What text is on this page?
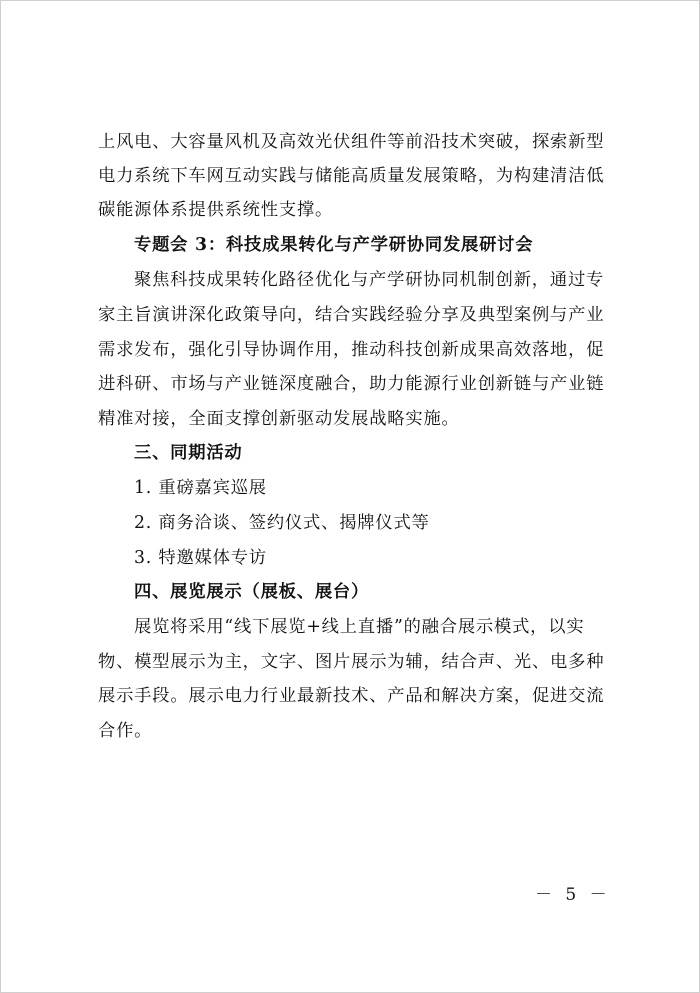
上风电、大容量风机及高效光伏组件等前沿技术突破，探索新型
电力系统下车网互动实践与储能高质量发展策略，为构建清洁低
碳能源体系提供系统性支撑。
专题会 3：科技成果转化与产学研协同发展研讨会
聚焦科技成果转化路径优化与产学研协同机制创新，通过专
家主旨演讲深化政策导向，结合实践经验分享及典型案例与产业
需求发布，强化引导协调作用，推动科技创新成果高效落地，促
进科研、市场与产业链深度融合，助力能源行业创新链与产业链
精准对接，全面支撑创新驱动发展战略实施。
三、同期活动
1. 重磅嘉宾巡展
2. 商务洽谈、签约仪式、揭牌仪式等
3. 特邀媒体专访
四、展览展示（展板、展台）
展览将采用“线下展览+线上直播”的融合展示模式，以实
物、模型展示为主，文字、图片展示为辅，结合声、光、电多种
展示手段。展示电力行业最新技术、产品和解决方案，促进交流
合作。
－ 5 －
